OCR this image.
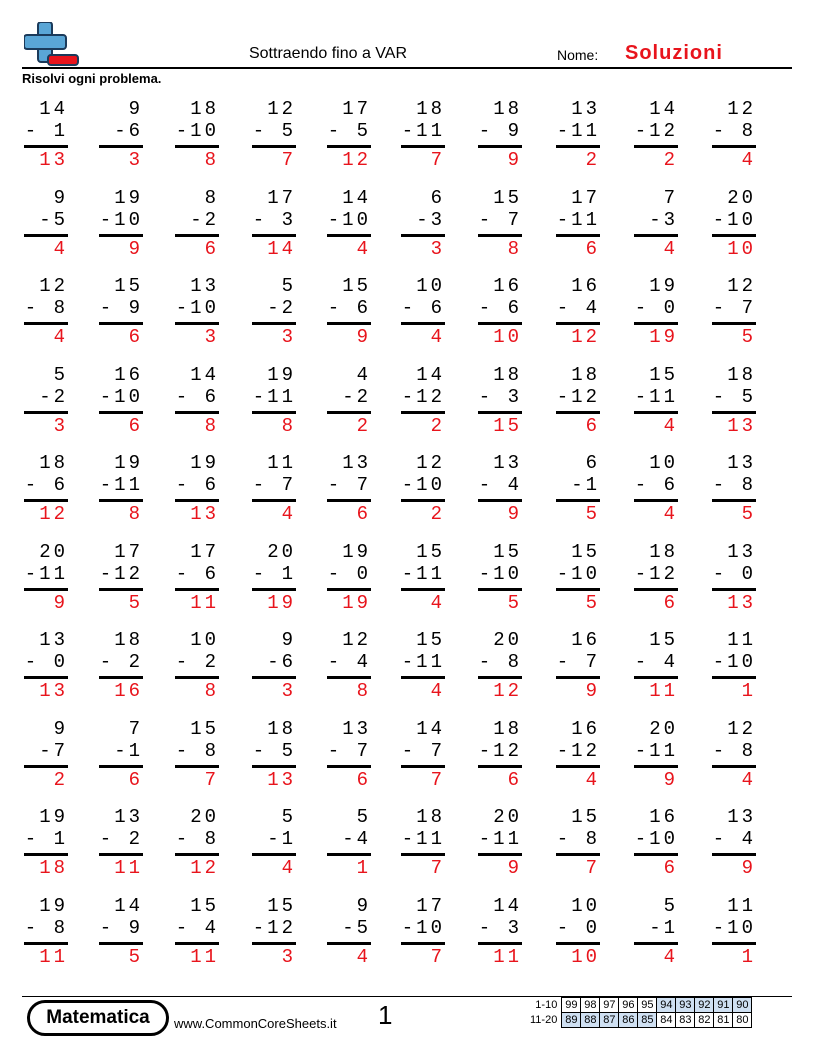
Sottraendo fino a VAR	Nome: Soluzioni
Risolvi ogni problema.
14
- 1
13
9
-6
3
18
-10
8
12
- 5
7
17
- 5
12
18
-11
7
18
- 9
9
13
-11
2
14
-12
2
12
- 8
4
9
-5
4
19
-10
9
8
-2
6
17
- 3
14
14
-10
4
6
-3
3
15
- 7
8
17
-11
6
7
-3
4
20
-10
10
12
- 8
4
15
- 9
6
13
-10
3
5
-2
3
15
- 6
9
10
- 6
4
16
- 6
10
16
- 4
12
19
- 0
19
12
- 7
5
5
-2
3
16
-10
6
14
- 6
8
19
-11
8
4
-2
2
14
-12
2
18
- 3
15
18
-12
6
15
-11
4
18
- 5
13
18
- 6
12
19
-11
8
19
- 6
13
11
- 7
4
13
- 7
6
12
-10
2
13
- 4
9
6
-1
5
10
- 6
4
13
- 8
5
20
-11
9
17
-12
5
17
- 6
11
20
- 1
19
19
- 0
19
15
-11
4
15
-10
5
15
-10
5
18
-12
6
13
- 0
13
13
- 0
13
18
- 2
16
10
- 2
8
9
-6
3
12
- 4
8
15
-11
4
20
- 8
12
16
- 7
9
15
- 4
11
11
-10
1
9
-7
2
7
-1
6
15
- 8
7
18
- 5
13
13
- 7
6
14
- 7
7
18
-12
6
16
-12
4
20
-11
9
12
- 8
4
19
- 1
18
13
- 2
11
20
- 8
12
5
-1
4
5
-4
1
18
-11
7
20
-11
9
15
- 8
7
16
-10
6
13
- 4
9
19
- 8
11
14
- 9
5
15
- 4
11
15
-12
3
9
-5
4
17
-10
7
14
- 3
11
10
- 0
10
5
-1
4
11
-10
1
Matematica	www.CommonCoreSheets.it 1	1-10	99	98	97	96	95	94	93	92	91	90
11-20	89	88	87	86	85	84	83	82	81	80
